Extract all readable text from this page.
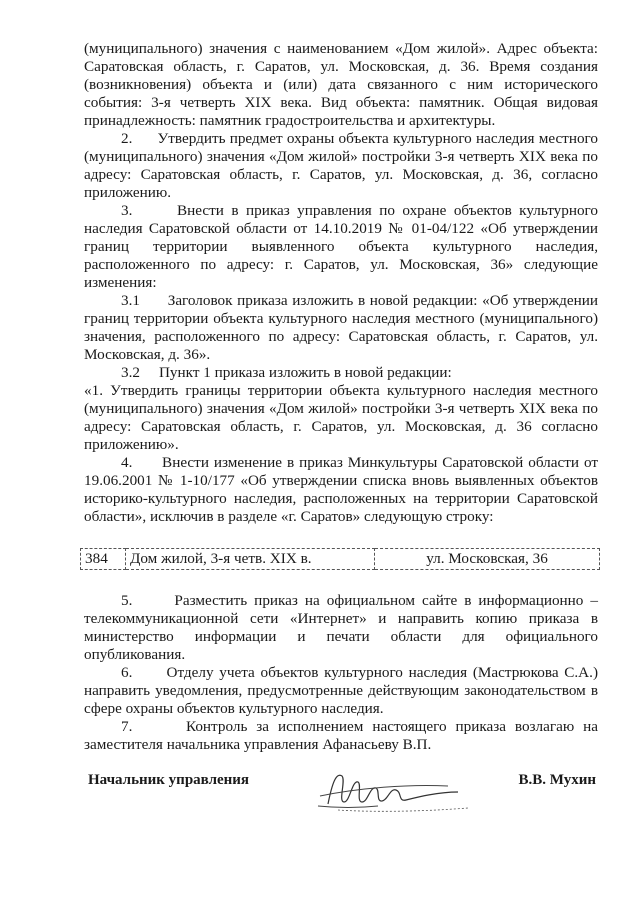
(муниципального) значения с наименованием «Дом жилой». Адрес объекта: Саратовская область, г. Саратов, ул. Московская, д. 36. Время создания (возникновения) объекта и (или) дата связанного с ним исторического события: 3-я четверть XIX века. Вид объекта: памятник. Общая видовая принадлежность: памятник градостроительства и архитектуры.

2.      Утвердить предмет охраны объекта культурного наследия местного (муниципального) значения «Дом жилой» постройки 3-я четверть XIX века по адресу: Саратовская область, г. Саратов, ул. Московская, д. 36, согласно приложению.

3.      Внести в приказ управления по охране объектов культурного наследия Саратовской области от 14.10.2019 № 01-04/122 «Об утверждении границ территории выявленного объекта культурного наследия, расположенного по адресу: г. Саратов, ул. Московская, 36» следующие изменения:

3.1      Заголовок приказа изложить в новой редакции: «Об утверждении границ территории объекта культурного наследия местного (муниципального) значения, расположенного по адресу: Саратовская область, г. Саратов, ул. Московская, д. 36».

3.2     Пункт 1 приказа изложить в новой редакции:

«1. Утвердить границы территории объекта культурного наследия местного (муниципального) значения «Дом жилой» постройки 3-я четверть XIX века по адресу: Саратовская область, г. Саратов, ул. Московская, д. 36 согласно приложению».

4.      Внести изменение в приказ Минкультуры Саратовской области от 19.06.2001 № 1-10/177 «Об утверждении списка вновь выявленных объектов историко-культурного наследия, расположенных на территории Саратовской области», исключив в разделе «г. Саратов» следующую строку:

384	Дом жилой, 3-я четв. XIX в.	ул. Московская, 36

5.      Разместить приказ на официальном сайте в информационно – телекоммуникационной сети «Интернет» и направить копию приказа в министерство информации и печати области для официального опубликования.

6.      Отделу учета объектов культурного наследия (Мастрюкова С.А.) направить уведомления, предусмотренные действующим законодательством в сфере охраны объектов культурного наследия.

7.      Контроль за исполнением настоящего приказа возлагаю на заместителя начальника управления Афанасьеву В.П.

Начальник управления	В.В. Мухин
